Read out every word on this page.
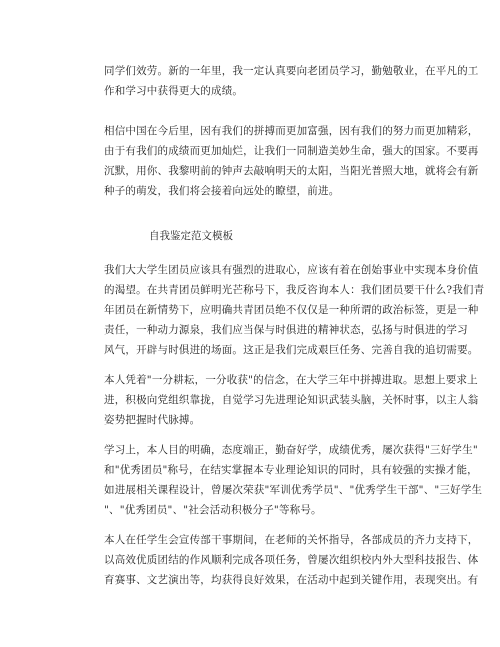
同学们效劳。新的一年里，我一定认真要向老团员学习，勤勉敬业，在平凡的工
作和学习中获得更大的成绩。
相信中国在今后里，因有我们的拼搏而更加富强，因有我们的努力而更加精彩，
由于有我们的成绩而更加灿烂，让我们一同制造美妙生命，强大的国家。不要再
沉默，用你、我黎明前的钟声去敲响明天的太阳，当阳光普照大地，就将会有新
种子的萌发，我们将会接着向远处的瞭望，前进。
自我鉴定范文模板
我们大大学生团员应该具有强烈的进取心，应该有着在创始事业中实现本身价值
的渴望。在共青团员鲜明光芒称号下，我反咨询本人：我们团员要干什么?我们青
年团员在新情势下，应明确共青团员绝不仅仅是一种所谓的政治标签，更是一种
责任，一种动力源泉，我们应当保与时俱进的精神状态，弘扬与时俱进的学习
风气，开辟与时俱进的场面。这正是我们完成艰巨任务、完善自我的追切需要。
本人凭着"一分耕耘，一分收获"的信念，在大学三年中拼搏进取。思想上要求上
进，积极向党组织靠拢，自觉学习先进理论知识武装头脑，关怀时事，以主人翁
姿势把握时代脉搏。
学习上，本人目的明确，态度端正，勤奋好学，成绩优秀，屡次获得"三好学生"
和"优秀团员"称号，在结实掌握本专业理论知识的同时，具有较强的实操才能，
如进展相关课程设计，曾屡次荣获"军训优秀学员"、"优秀学生干部"、"三好学生
"、"优秀团员"、"社会活动积极分子"等称号。
本人在任学生会宣传部干事期间，在老师的关怀指导，各部成员的齐力支持下，
以高效优质团结的作风顺利完成各项任务，曾屡次组织校内外大型科技报告、体
育赛事、文艺演出等，均获得良好效果，在活动中起到关键作用，表现突出。有
